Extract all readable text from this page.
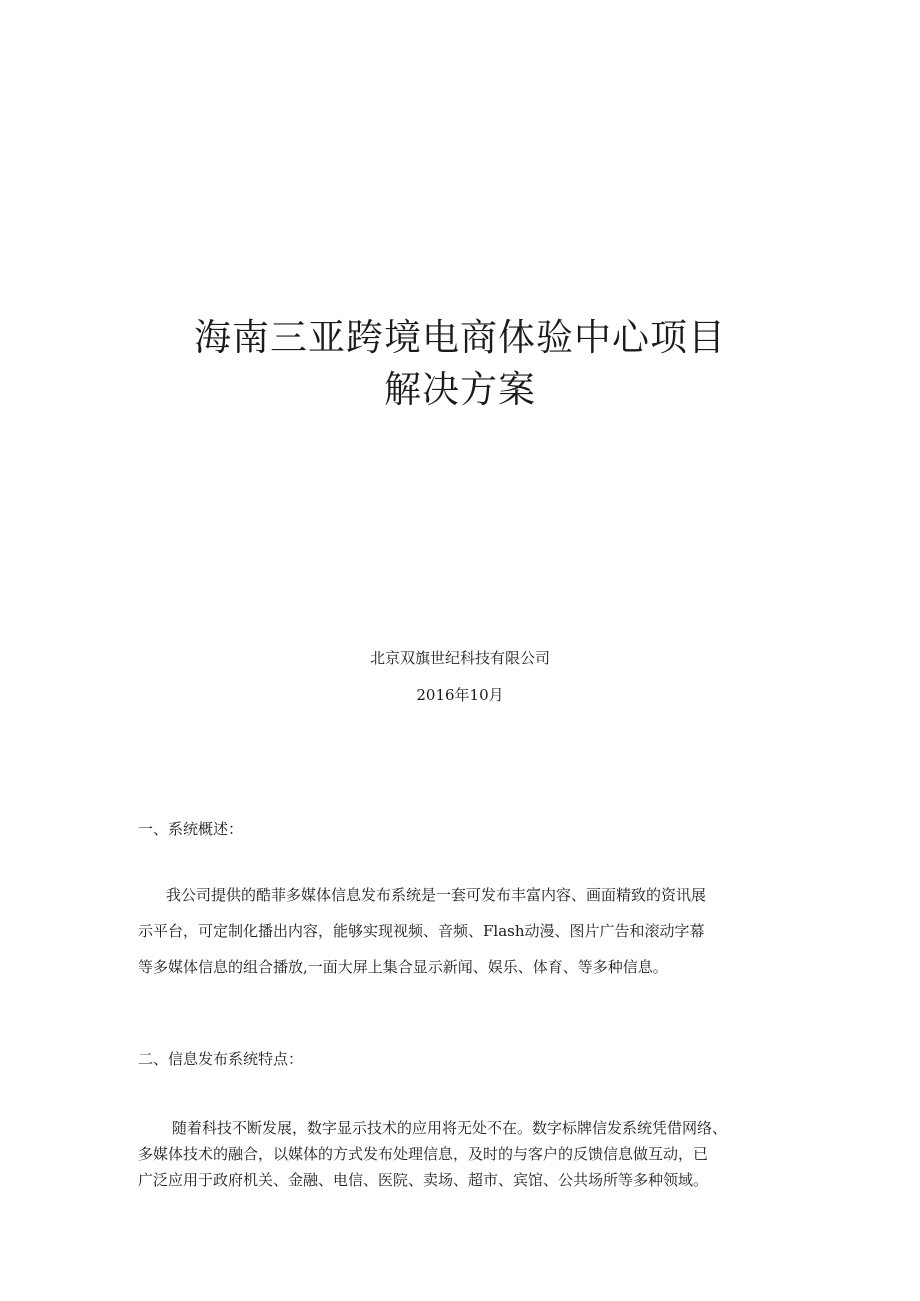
海南三亚跨境电商体验中心项目
解决方案
北京双旗世纪科技有限公司
2016年10月
一、系统概述：

我公司提供的酷菲多媒体信息发布系统是一套可发布丰富内容、画面精致的资讯展
示平台，可定制化播出内容，能够实现视频、音频、Flash动漫、图片广告和滚动字幕
等多媒体信息的组合播放,一面大屏上集合显示新闻、娱乐、体育、等多种信息。

二、信息发布系统特点：

随着科技不断发展，数字显示技术的应用将无处不在。数字标牌信发系统凭借网络、
多媒体技术的融合，以媒体的方式发布处理信息，及时的与客户的反馈信息做互动，已
广泛应用于政府机关、金融、电信、医院、卖场、超市、宾馆、公共场所等多种领域。
